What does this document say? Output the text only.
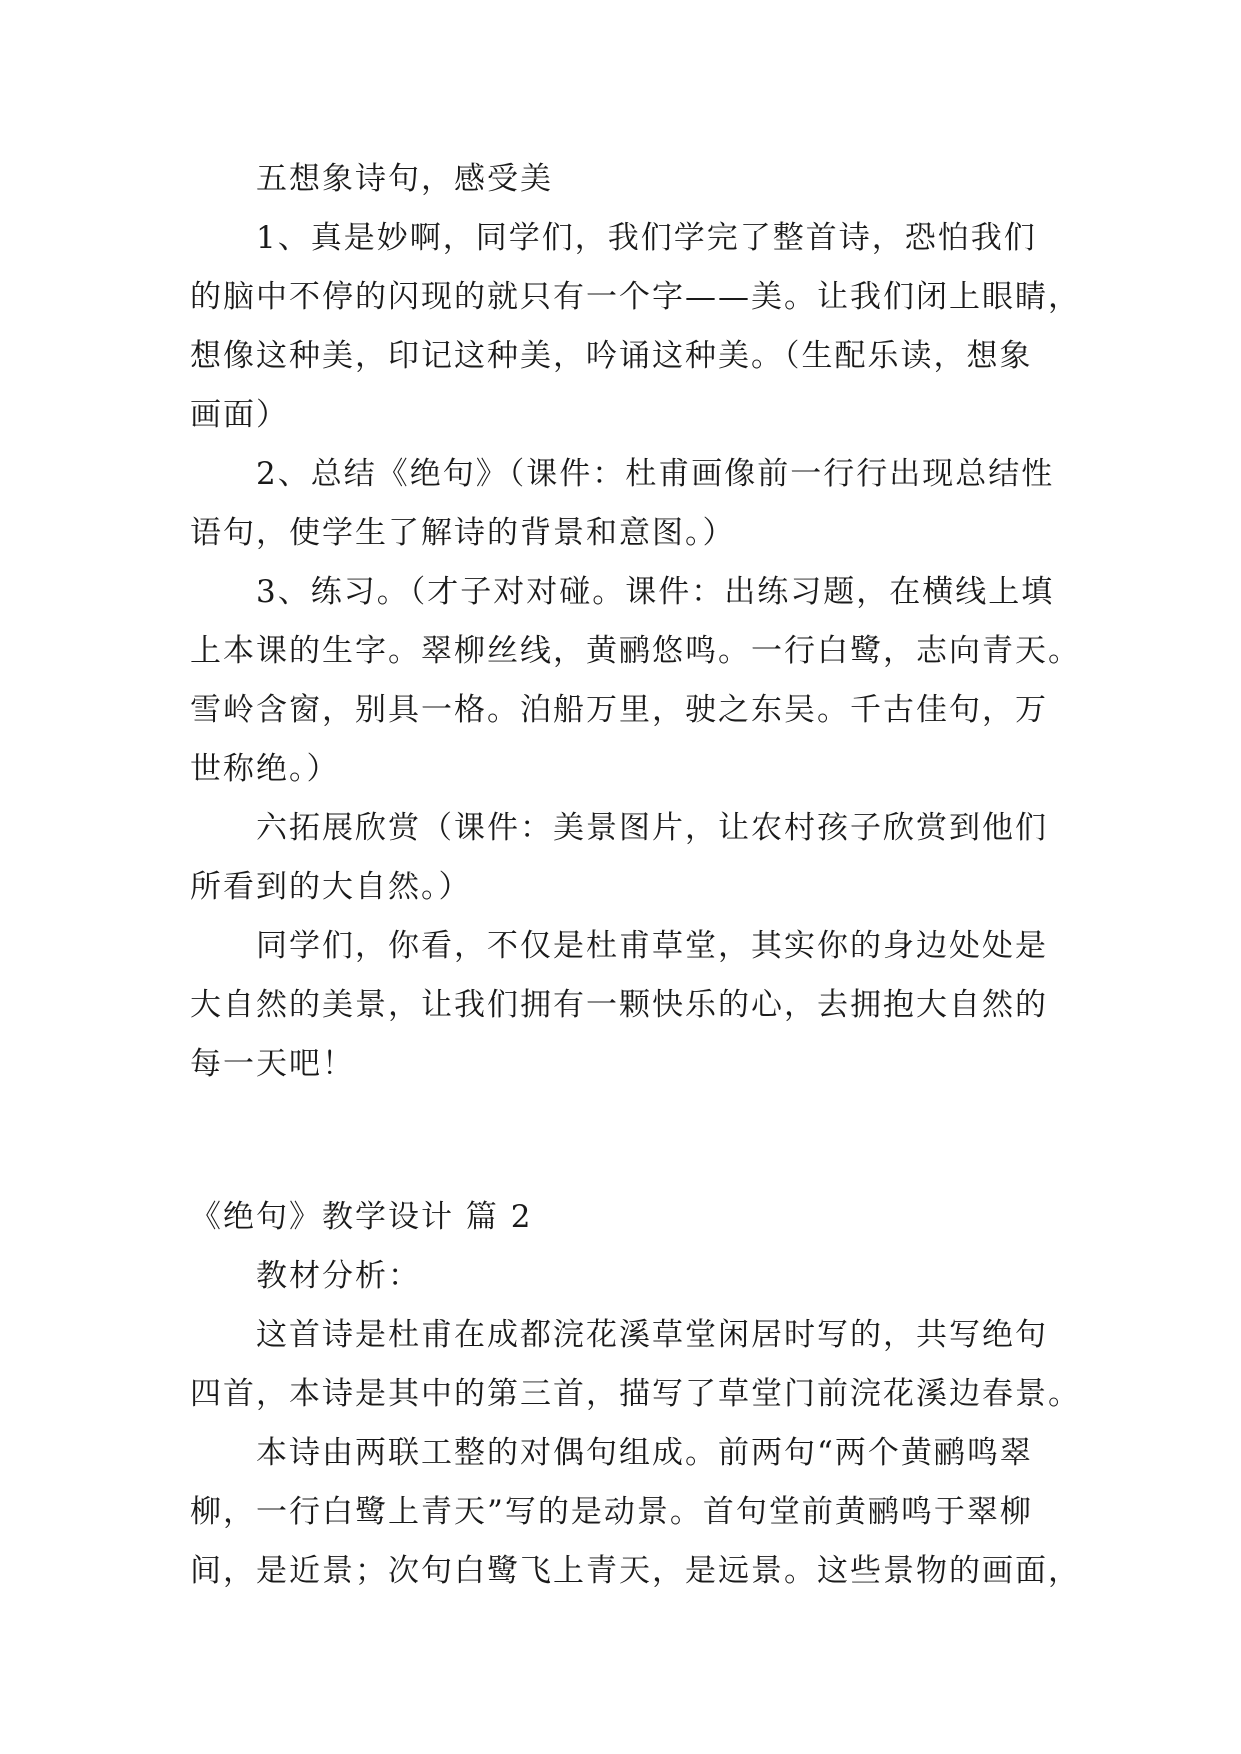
五想象诗句，感受美
1、真是妙啊，同学们，我们学完了整首诗，恐怕我们
的脑中不停的闪现的就只有一个字——美。让我们闭上眼睛，
想像这种美，印记这种美，吟诵这种美。（生配乐读，想象
画面）
2、总结《绝句》（课件：杜甫画像前一行行出现总结性
语句，使学生了解诗的背景和意图。）
3、练习。（才子对对碰。课件：出练习题，在横线上填
上本课的生字。翠柳丝线，黄鹂悠鸣。一行白鹭，志向青天。
雪岭含窗，别具一格。泊船万里，驶之东吴。千古佳句，万
世称绝。）
六拓展欣赏（课件：美景图片，让农村孩子欣赏到他们
所看到的大自然。）
同学们，你看，不仅是杜甫草堂，其实你的身边处处是
大自然的美景，让我们拥有一颗快乐的心，去拥抱大自然的
每一天吧！
《绝句》教学设计 篇 2
教材分析：
这首诗是杜甫在成都浣花溪草堂闲居时写的，共写绝句
四首，本诗是其中的第三首，描写了草堂门前浣花溪边春景。
本诗由两联工整的对偶句组成。前两句“两个黄鹂鸣翠
柳，一行白鹭上青天”写的是动景。首句堂前黄鹂鸣于翠柳
间，是近景；次句白鹭飞上青天，是远景。这些景物的画面，
